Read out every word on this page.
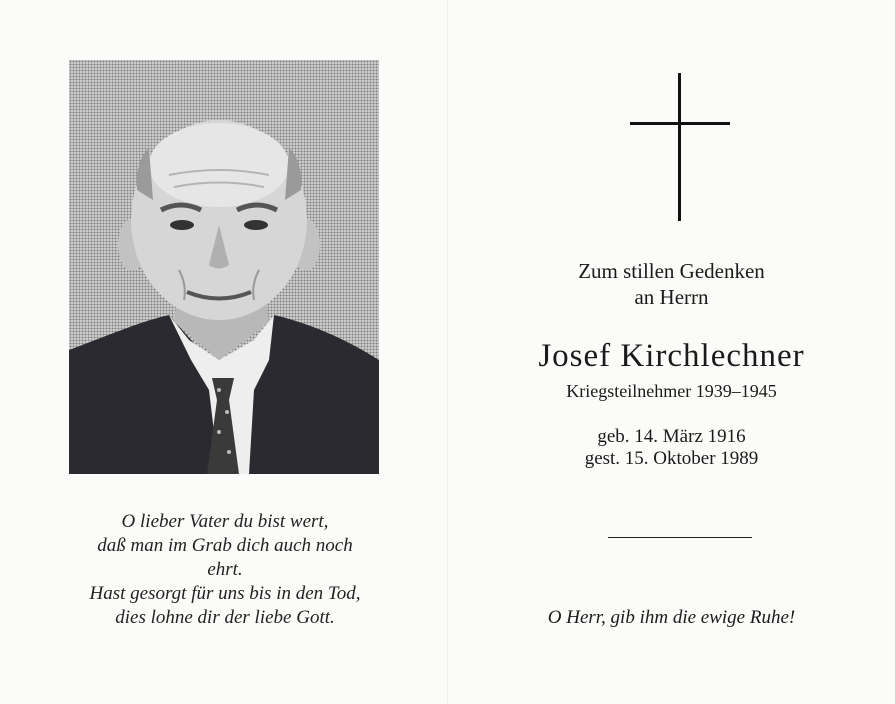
O lieber Vater du bist wert,
daß man im Grab dich auch noch
ehrt.
Hast gesorgt für uns bis in den Tod,
dies lohne dir der liebe Gott.
Zum stillen Gedenken
an Herrn
Josef Kirchlechner
Kriegsteilnehmer 1939–1945
geb. 14. März 1916
gest. 15. Oktober 1989
O Herr, gib ihm die ewige Ruhe!
